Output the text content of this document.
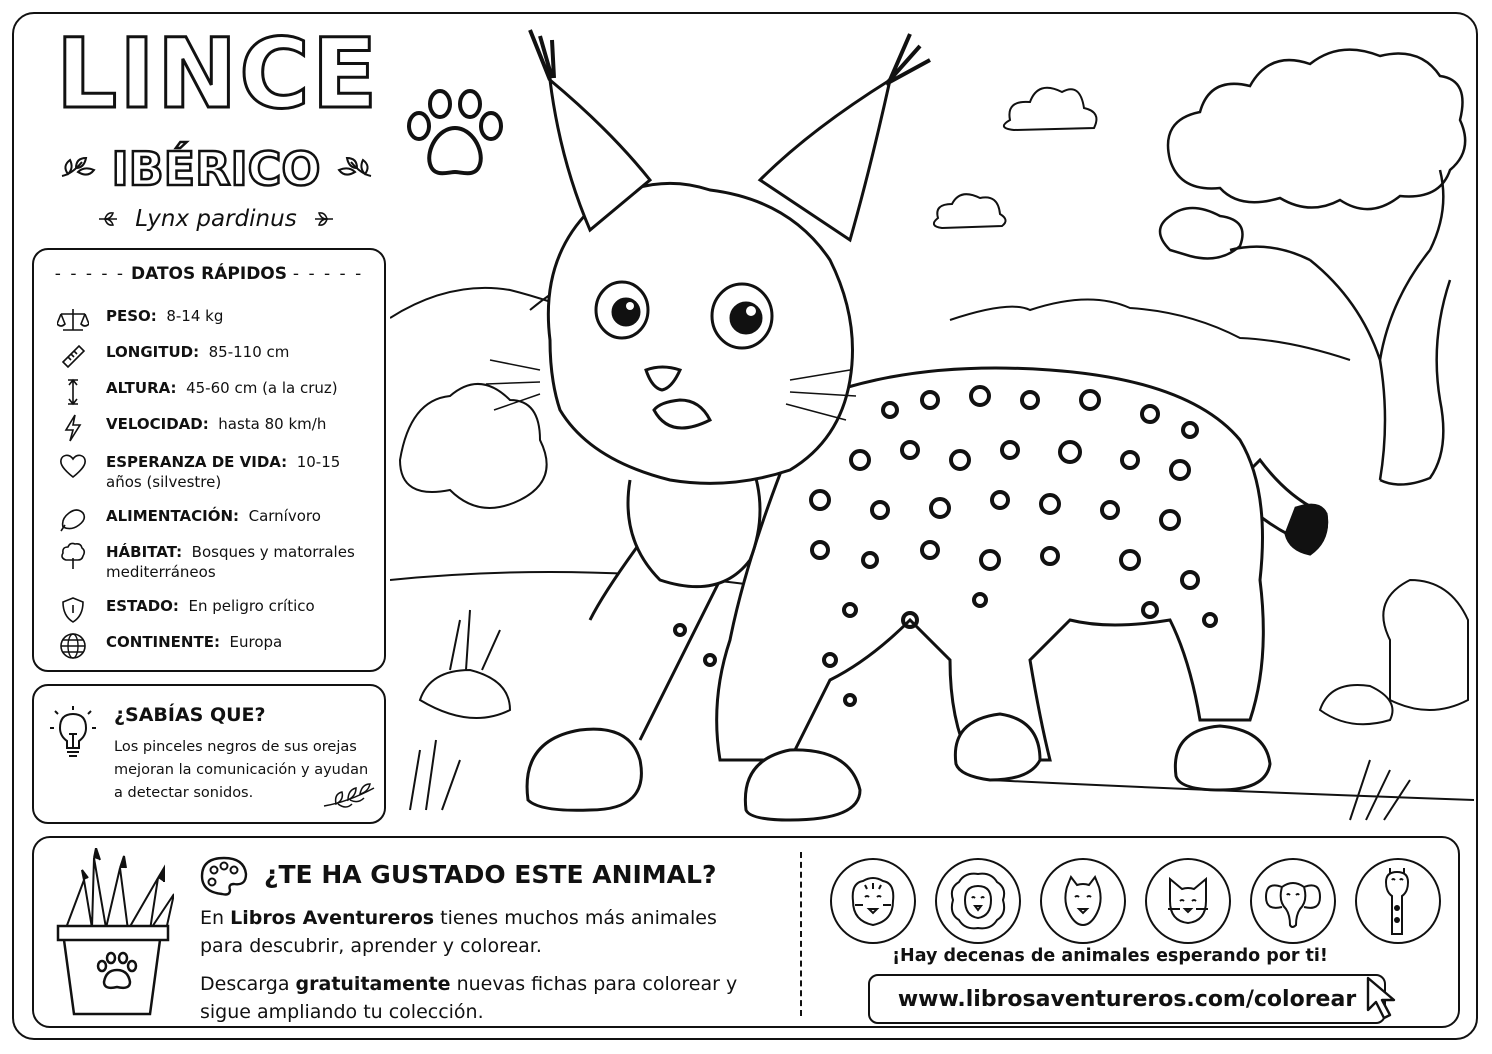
LINCE
IBÉRICO
Lynx pardinus
- - - - - DATOS RÁPIDOS - - - - -
PESO: 8-14 kg
LONGITUD: 85-110 cm
ALTURA: 45-60 cm (a la cruz)
VELOCIDAD: hasta 80 km/h
ESPERANZA DE VIDA: 10-15 años (silvestre)
ALIMENTACIÓN: Carnívoro
HÁBITAT: Bosques y matorrales mediterráneos
ESTADO: En peligro crítico
CONTINENTE: Europa
¿SABÍAS QUE?
Los pinceles negros de sus orejas mejoran la comunicación y ayudan a detectar sonidos.
¿TE HA GUSTADO ESTE ANIMAL?
En Libros Aventureros tienes muchos más animales para descubrir, aprender y colorear.
Descarga gratuitamente nuevas fichas para colorear y sigue ampliando tu colección.
¡Hay decenas de animales esperando por ti!
www.librosaventureros.com/colorear
